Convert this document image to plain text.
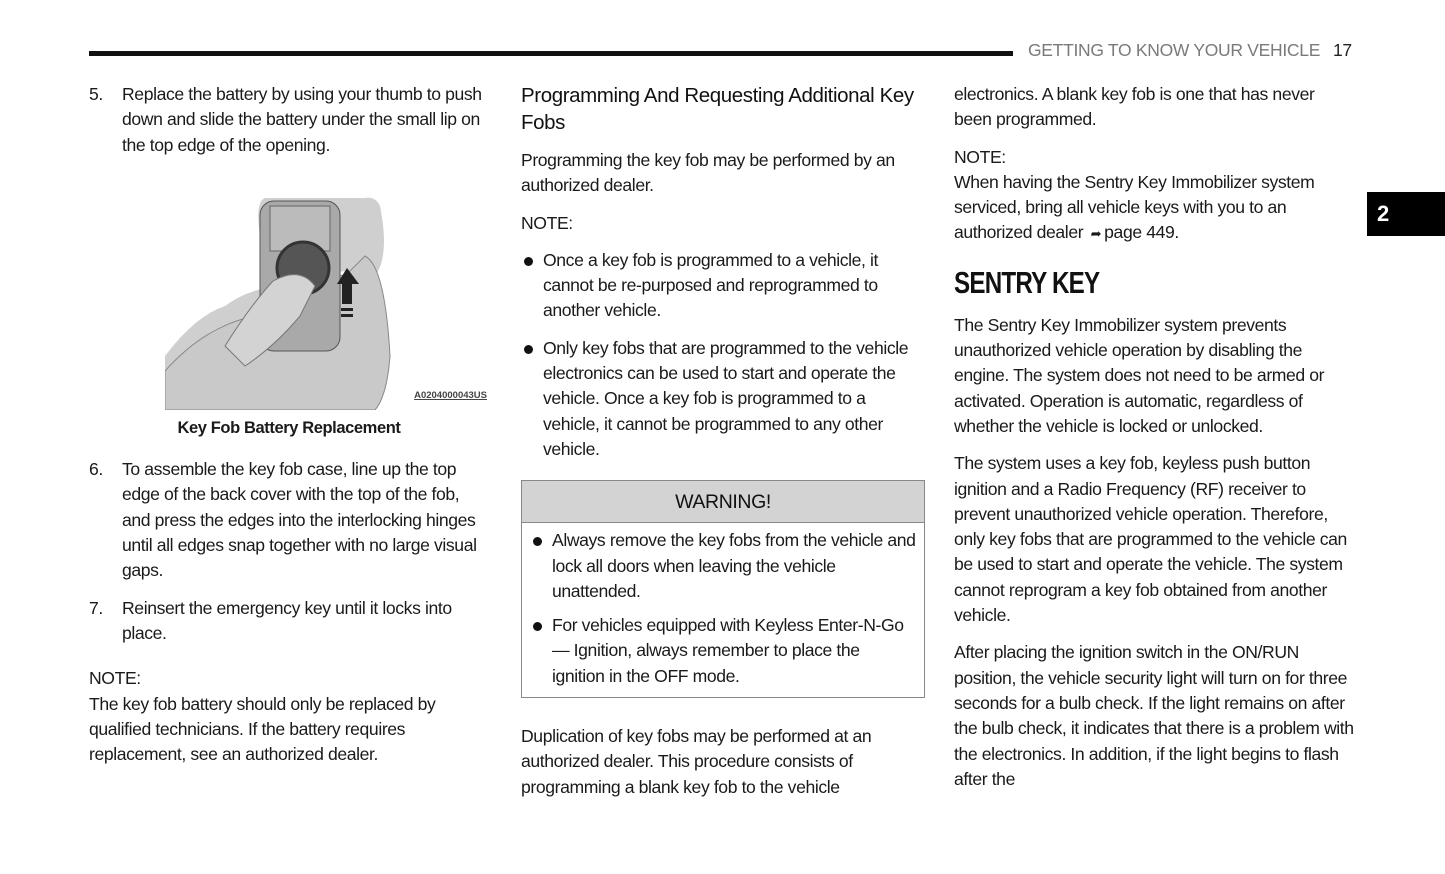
GETTING TO KNOW YOUR VEHICLE 17
2
5. Replace the battery by using your thumb to push down and slide the battery under the small lip on the top edge of the opening.

A0204000043US
Key Fob Battery Replacement
6. To assemble the key fob case, line up the top edge of the back cover with the top of the fob, and press the edges into the interlocking hinges until all edges snap together with no large visual gaps.

7. Reinsert the emergency key until it locks into place.

NOTE:
The key fob battery should only be replaced by qualified technicians. If the battery requires replacement, see an authorized dealer.
Programming And Requesting Additional Key Fobs
Programming the key fob may be performed by an authorized dealer.
NOTE:

Once a key fob is programmed to a vehicle, it cannot be re-purposed and reprogrammed to another vehicle.

Only key fobs that are programmed to the vehicle electronics can be used to start and operate the vehicle. Once a key fob is programmed to a vehicle, it cannot be programmed to any other vehicle.

WARNING!

Always remove the key fobs from the vehicle and lock all doors when leaving the vehicle unattended.

For vehicles equipped with Keyless Enter-N-Go — Ignition, always remember to place the ignition in the OFF mode.

Duplication of key fobs may be performed at an authorized dealer. This procedure consists of programming a blank key fob to the vehicle
electronics. A blank key fob is one that has never been programmed.
NOTE:
When having the Sentry Key Immobilizer system serviced, bring all vehicle keys with you to an authorized dealer ➦ page 449.
SENTRY KEY
The Sentry Key Immobilizer system prevents unauthorized vehicle operation by disabling the engine. The system does not need to be armed or activated. Operation is automatic, regardless of whether the vehicle is locked or unlocked.
The system uses a key fob, keyless push button ignition and a Radio Frequency (RF) receiver to prevent unauthorized vehicle operation. Therefore, only key fobs that are programmed to the vehicle can be used to start and operate the vehicle. The system cannot reprogram a key fob obtained from another vehicle.
After placing the ignition switch in the ON/RUN position, the vehicle security light will turn on for three seconds for a bulb check. If the light remains on after the bulb check, it indicates that there is a problem with the electronics. In addition, if the light begins to flash after the
